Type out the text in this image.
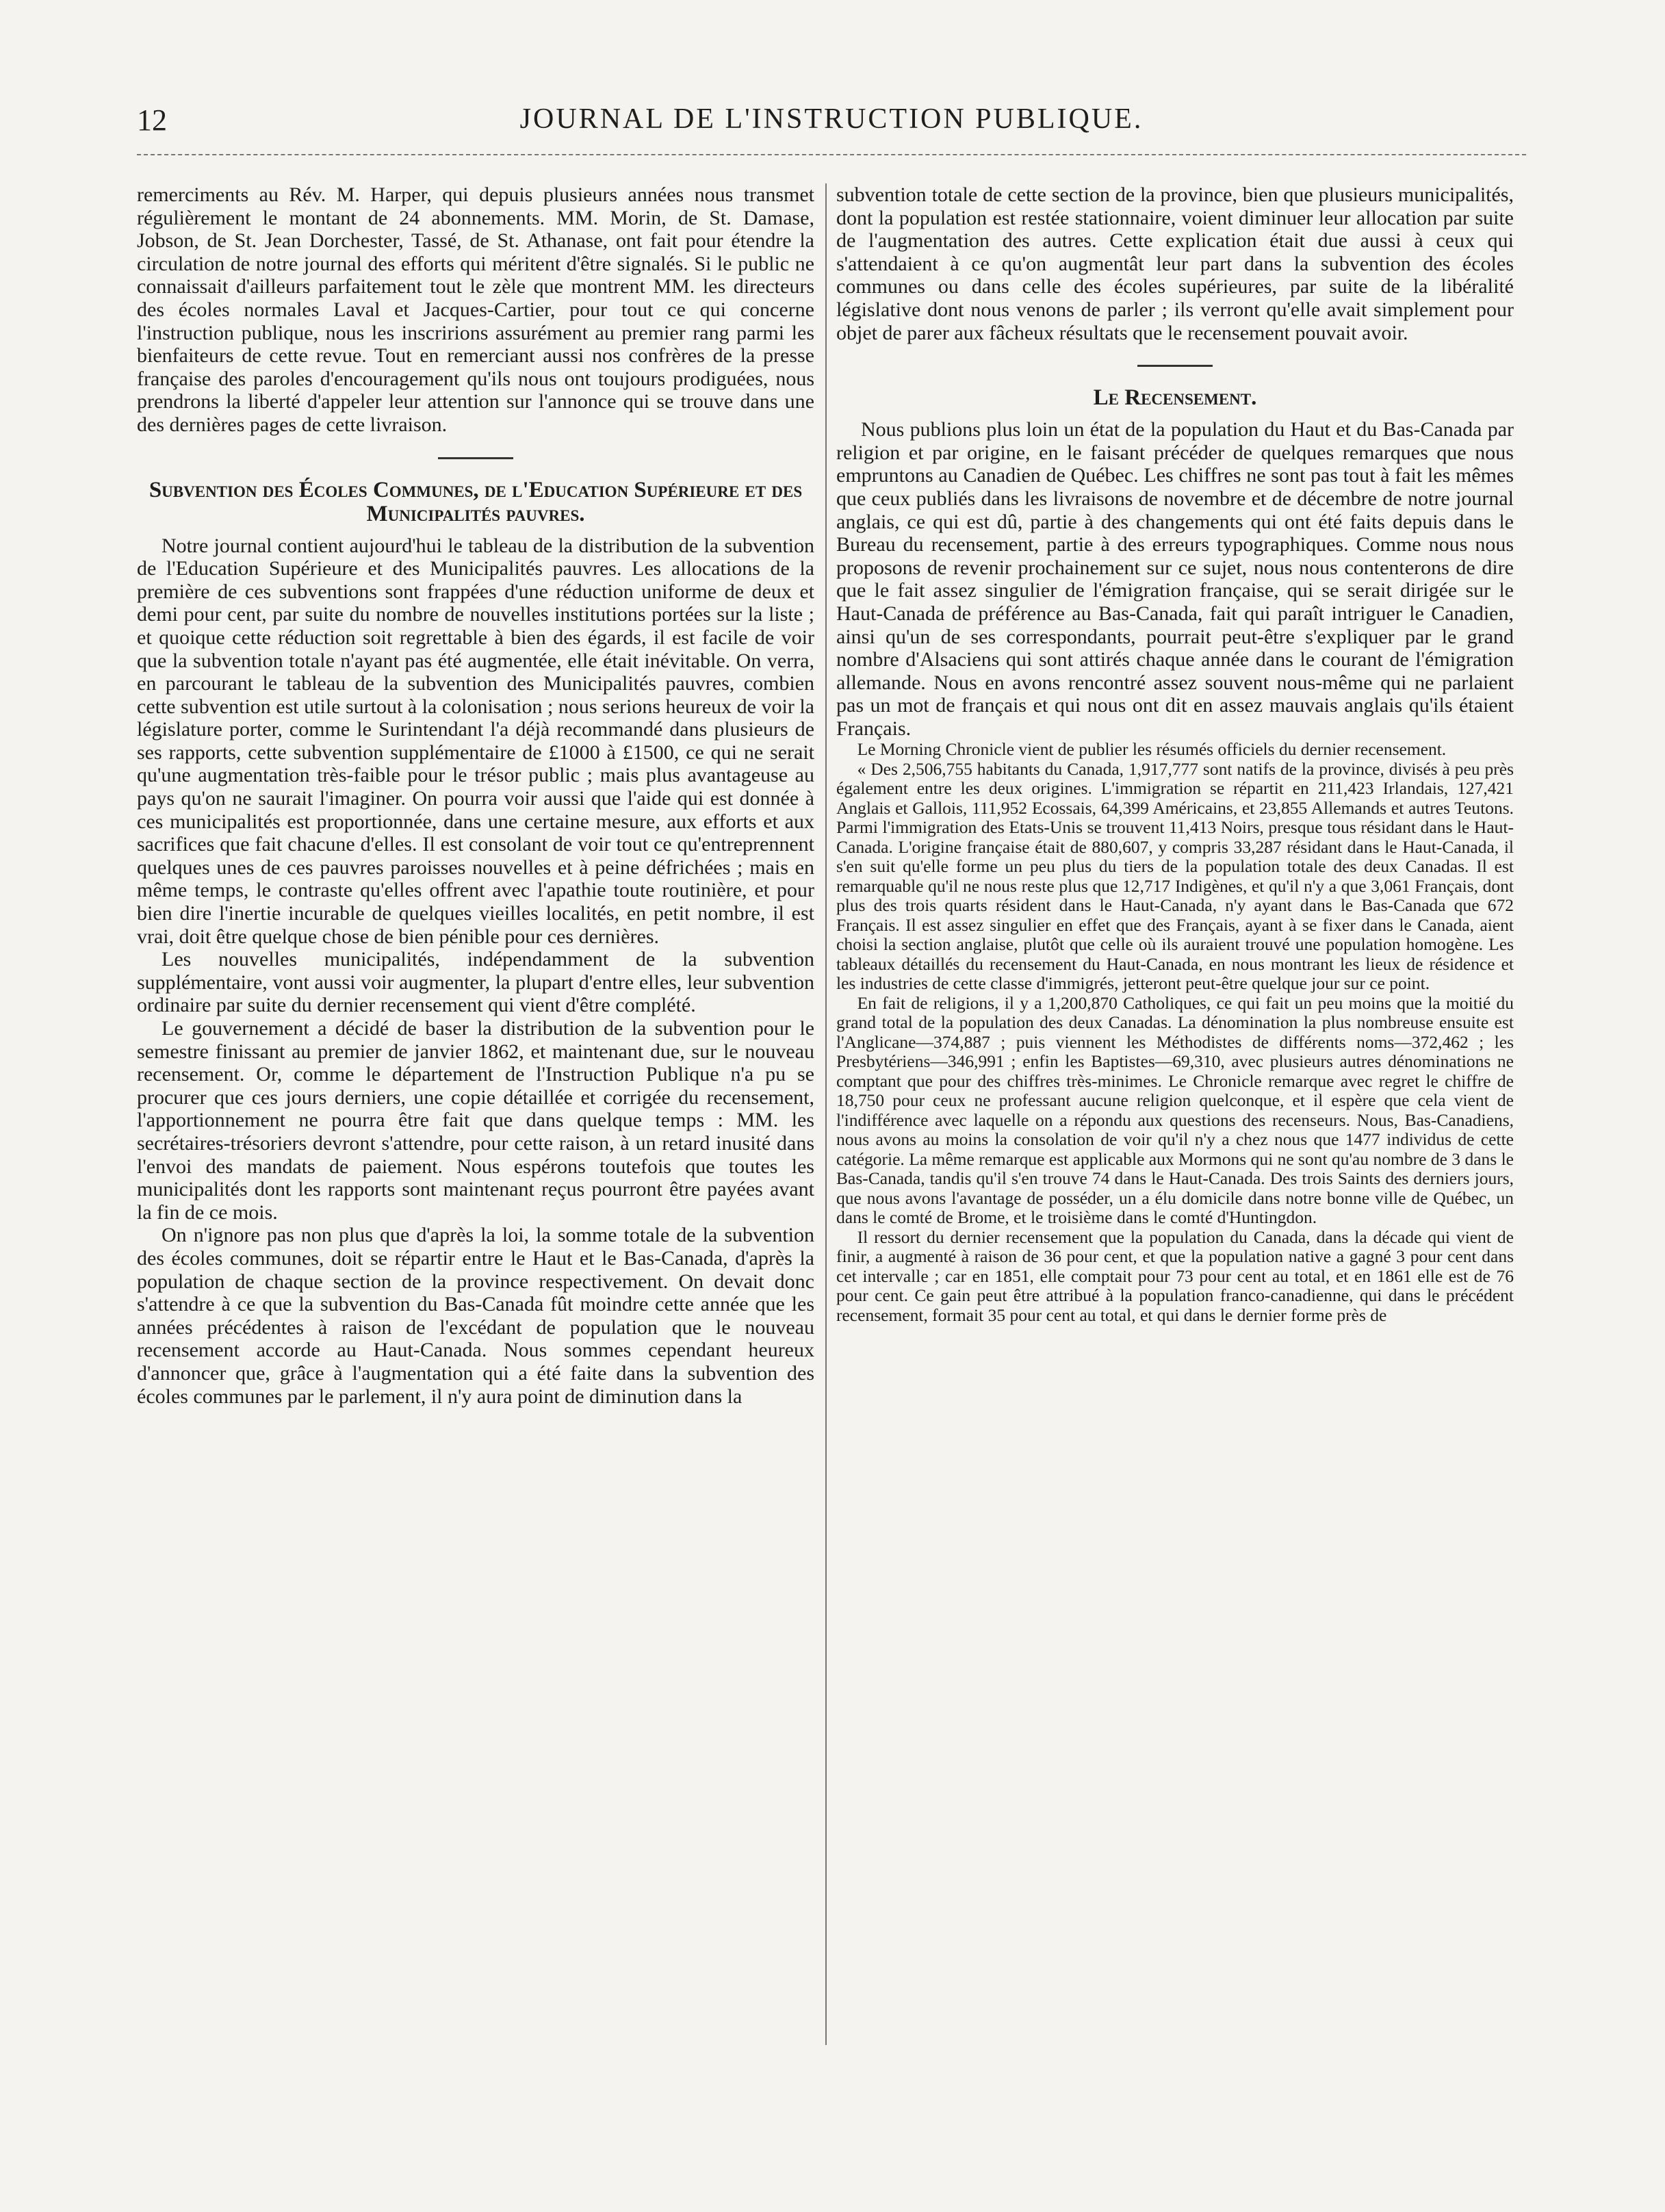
12	JOURNAL DE L'INSTRUCTION PUBLIQUE.

remerciments au Rév. M. Harper, qui depuis plusieurs années nous transmet régulièrement le montant de 24 abonnements. MM. Morin, de St. Damase, Jobson, de St. Jean Dorchester, Tassé, de St. Athanase, ont fait pour étendre la circulation de notre journal des efforts qui méritent d'être signalés. Si le public ne connaissait d'ailleurs parfaitement tout le zèle que montrent MM. les directeurs des écoles normales Laval et Jacques-Cartier, pour tout ce qui concerne l'instruction publique, nous les inscririons assurément au premier rang parmi les bienfaiteurs de cette revue. Tout en remerciant aussi nos confrères de la presse française des paroles d'encouragement qu'ils nous ont toujours prodiguées, nous prendrons la liberté d'appeler leur attention sur l'annonce qui se trouve dans une des dernières pages de cette livraison.

Subvention des Écoles Communes, de l'Education Supérieure et des Municipalités pauvres.

Notre journal contient aujourd'hui le tableau de la distribution de la subvention de l'Education Supérieure et des Municipalités pauvres. Les allocations de la première de ces subventions sont frappées d'une réduction uniforme de deux et demi pour cent, par suite du nombre de nouvelles institutions portées sur la liste ; et quoique cette réduction soit regrettable à bien des égards, il est facile de voir que la subvention totale n'ayant pas été augmentée, elle était inévitable. On verra, en parcourant le tableau de la subvention des Municipalités pauvres, combien cette subvention est utile surtout à la colonisation ; nous serions heureux de voir la législature porter, comme le Surintendant l'a déjà recommandé dans plusieurs de ses rapports, cette subvention supplémentaire de £1000 à £1500, ce qui ne serait qu'une augmentation très-faible pour le trésor public ; mais plus avantageuse au pays qu'on ne saurait l'imaginer. On pourra voir aussi que l'aide qui est donnée à ces municipalités est proportionnée, dans une certaine mesure, aux efforts et aux sacrifices que fait chacune d'elles. Il est consolant de voir tout ce qu'entreprennent quelques unes de ces pauvres paroisses nouvelles et à peine défrichées ; mais en même temps, le contraste qu'elles offrent avec l'apathie toute routinière, et pour bien dire l'inertie incurable de quelques vieilles localités, en petit nombre, il est vrai, doit être quelque chose de bien pénible pour ces dernières.

Les nouvelles municipalités, indépendamment de la subvention supplémentaire, vont aussi voir augmenter, la plupart d'entre elles, leur subvention ordinaire par suite du dernier recensement qui vient d'être complété.

Le gouvernement a décidé de baser la distribution de la subvention pour le semestre finissant au premier de janvier 1862, et maintenant due, sur le nouveau recensement. Or, comme le département de l'Instruction Publique n'a pu se procurer que ces jours derniers, une copie détaillée et corrigée du recensement, l'apportionnement ne pourra être fait que dans quelque temps : MM. les secrétaires-trésoriers devront s'attendre, pour cette raison, à un retard inusité dans l'envoi des mandats de paiement. Nous espérons toutefois que toutes les municipalités dont les rapports sont maintenant reçus pourront être payées avant la fin de ce mois.

On n'ignore pas non plus que d'après la loi, la somme totale de la subvention des écoles communes, doit se répartir entre le Haut et le Bas-Canada, d'après la population de chaque section de la province respectivement. On devait donc s'attendre à ce que la subvention du Bas-Canada fût moindre cette année que les années précédentes à raison de l'excédant de population que le nouveau recensement accorde au Haut-Canada. Nous sommes cependant heureux d'annoncer que, grâce à l'augmentation qui a été faite dans la subvention des écoles communes par le parlement, il n'y aura point de diminution dans la

subvention totale de cette section de la province, bien que plusieurs municipalités, dont la population est restée stationnaire, voient diminuer leur allocation par suite de l'augmentation des autres. Cette explication était due aussi à ceux qui s'attendaient à ce qu'on augmentât leur part dans la subvention des écoles communes ou dans celle des écoles supérieures, par suite de la libéralité législative dont nous venons de parler ; ils verront qu'elle avait simplement pour objet de parer aux fâcheux résultats que le recensement pouvait avoir.

Le Recensement.

Nous publions plus loin un état de la population du Haut et du Bas-Canada par religion et par origine, en le faisant précéder de quelques remarques que nous empruntons au Canadien de Québec. Les chiffres ne sont pas tout à fait les mêmes que ceux publiés dans les livraisons de novembre et de décembre de notre journal anglais, ce qui est dû, partie à des changements qui ont été faits depuis dans le Bureau du recensement, partie à des erreurs typographiques. Comme nous nous proposons de revenir prochainement sur ce sujet, nous nous contenterons de dire que le fait assez singulier de l'émigration française, qui se serait dirigée sur le Haut-Canada de préférence au Bas-Canada, fait qui paraît intriguer le Canadien, ainsi qu'un de ses correspondants, pourrait peut-être s'expliquer par le grand nombre d'Alsaciens qui sont attirés chaque année dans le courant de l'émigration allemande. Nous en avons rencontré assez souvent nous-même qui ne parlaient pas un mot de français et qui nous ont dit en assez mauvais anglais qu'ils étaient Français.

Le Morning Chronicle vient de publier les résumés officiels du dernier recensement.

« Des 2,506,755 habitants du Canada, 1,917,777 sont natifs de la province, divisés à peu près également entre les deux origines. L'immigration se répartit en 211,423 Irlandais, 127,421 Anglais et Gallois, 111,952 Ecossais, 64,399 Américains, et 23,855 Allemands et autres Teutons. Parmi l'immigration des Etats-Unis se trouvent 11,413 Noirs, presque tous résidant dans le Haut-Canada. L'origine française était de 880,607, y compris 33,287 résidant dans le Haut-Canada, il s'en suit qu'elle forme un peu plus du tiers de la population totale des deux Canadas. Il est remarquable qu'il ne nous reste plus que 12,717 Indigènes, et qu'il n'y a que 3,061 Français, dont plus des trois quarts résident dans le Haut-Canada, n'y ayant dans le Bas-Canada que 672 Français. Il est assez singulier en effet que des Français, ayant à se fixer dans le Canada, aient choisi la section anglaise, plutôt que celle où ils auraient trouvé une population homogène. Les tableaux détaillés du recensement du Haut-Canada, en nous montrant les lieux de résidence et les industries de cette classe d'immigrés, jetteront peut-être quelque jour sur ce point.

En fait de religions, il y a 1,200,870 Catholiques, ce qui fait un peu moins que la moitié du grand total de la population des deux Canadas. La dénomination la plus nombreuse ensuite est l'Anglicane—374,887 ; puis viennent les Méthodistes de différents noms—372,462 ; les Presbytériens—346,991 ; enfin les Baptistes—69,310, avec plusieurs autres dénominations ne comptant que pour des chiffres très-minimes. Le Chronicle remarque avec regret le chiffre de 18,750 pour ceux ne professant aucune religion quelconque, et il espère que cela vient de l'indifférence avec laquelle on a répondu aux questions des recenseurs. Nous, Bas-Canadiens, nous avons au moins la consolation de voir qu'il n'y a chez nous que 1477 individus de cette catégorie. La même remarque est applicable aux Mormons qui ne sont qu'au nombre de 3 dans le Bas-Canada, tandis qu'il s'en trouve 74 dans le Haut-Canada. Des trois Saints des derniers jours, que nous avons l'avantage de posséder, un a élu domicile dans notre bonne ville de Québec, un dans le comté de Brome, et le troisième dans le comté d'Huntingdon.

Il ressort du dernier recensement que la population du Canada, dans la décade qui vient de finir, a augmenté à raison de 36 pour cent, et que la population native a gagné 3 pour cent dans cet intervalle ; car en 1851, elle comptait pour 73 pour cent au total, et en 1861 elle est de 76 pour cent. Ce gain peut être attribué à la population franco-canadienne, qui dans le précédent recensement, formait 35 pour cent au total, et qui dans le dernier forme près de
